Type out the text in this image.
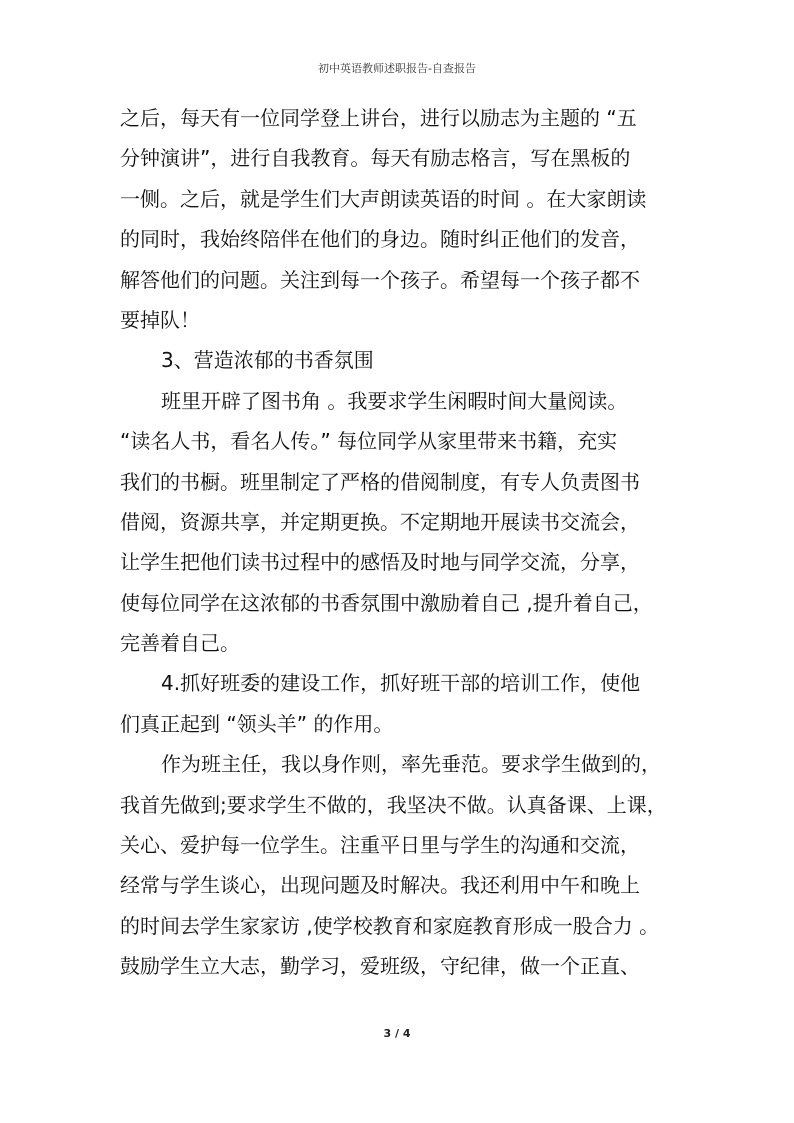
初中英语教师述职报告-自查报告
之后，每天有一位同学登上讲台，进行以励志为主题的 “五
分钟演讲”，进行自我教育。每天有励志格言，写在黑板的
一侧。之后，就是学生们大声朗读英语的时间 。在大家朗读
的同时，我始终陪伴在他们的身边。随时纠正他们的发音，
解答他们的问题。关注到每一个孩子。希望每一个孩子都不
要掉队！
3、营造浓郁的书香氛围
班里开辟了图书角 。我要求学生闲暇时间大量阅读。
“读名人书，看名人传。” 每位同学从家里带来书籍，充实
我们的书橱。班里制定了严格的借阅制度，有专人负责图书
借阅，资源共享，并定期更换。不定期地开展读书交流会，
让学生把他们读书过程中的感悟及时地与同学交流，分享，
使每位同学在这浓郁的书香氛围中激励着自己 ,提升着自己，
完善着自己。
4.抓好班委的建设工作，抓好班干部的培训工作，使他
们真正起到 “领头羊” 的作用。
作为班主任，我以身作则，率先垂范。要求学生做到的，
我首先做到;要求学生不做的，我坚决不做。认真备课、上课，
关心、爱护每一位学生。注重平日里与学生的沟通和交流，
经常与学生谈心，出现问题及时解决。我还利用中午和晚上
的时间去学生家家访 ,使学校教育和家庭教育形成一股合力 。
鼓励学生立大志，勤学习，爱班级，守纪律，做一个正直、
3 / 4
